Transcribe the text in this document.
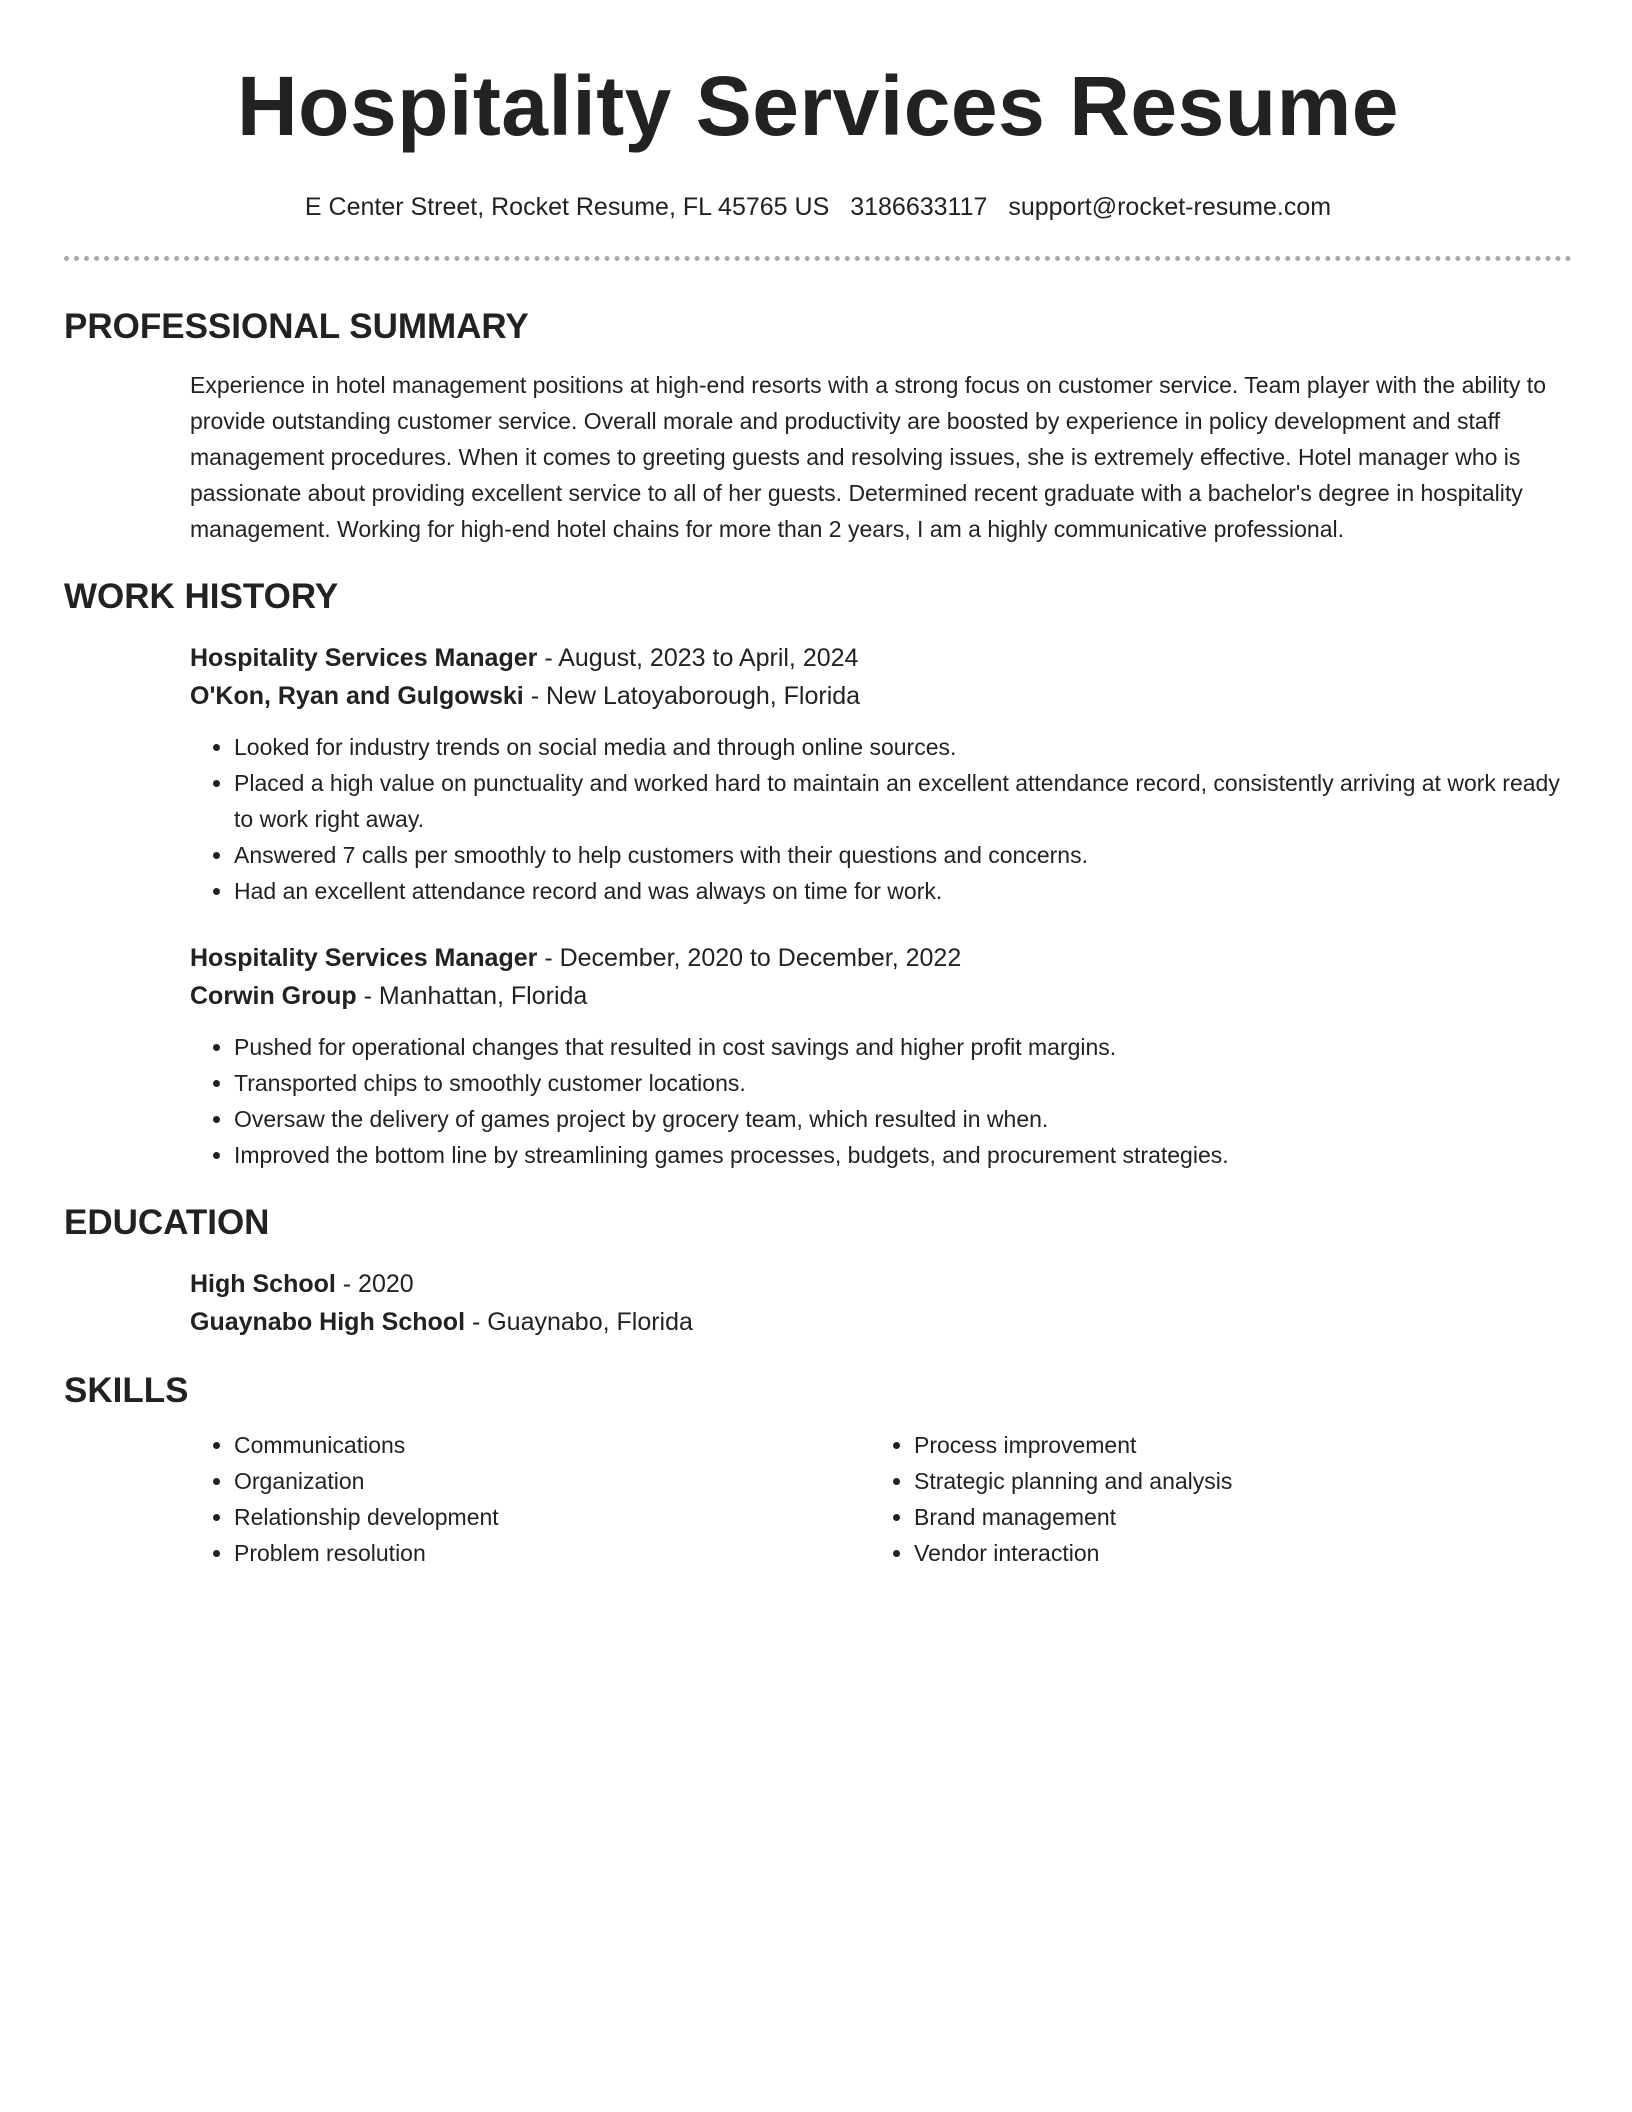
Hospitality Services Resume
E Center Street, Rocket Resume, FL 45765 US 3186633117 support@rocket-resume.com
PROFESSIONAL SUMMARY

Experience in hotel management positions at high-end resorts with a strong focus on customer service. Team player with the ability to provide outstanding customer service. Overall morale and productivity are boosted by experience in policy development and staff management procedures. When it comes to greeting guests and resolving issues, she is extremely effective. Hotel manager who is passionate about providing excellent service to all of her guests. Determined recent graduate with a bachelor's degree in hospitality management. Working for high-end hotel chains for more than 2 years, I am a highly communicative professional.

WORK HISTORY

Hospitality Services Manager - August, 2023 to April, 2024

O'Kon, Ryan and Gulgowski - New Latoyaborough, Florida

• Looked for industry trends on social media and through online sources.
• Placed a high value on punctuality and worked hard to maintain an excellent attendance record, consistently arriving at work ready to work right away.
• Answered 7 calls per smoothly to help customers with their questions and concerns.
• Had an excellent attendance record and was always on time for work.

Hospitality Services Manager - December, 2020 to December, 2022

Corwin Group - Manhattan, Florida

• Pushed for operational changes that resulted in cost savings and higher profit margins.
• Transported chips to smoothly customer locations.
• Oversaw the delivery of games project by grocery team, which resulted in when.
• Improved the bottom line by streamlining games processes, budgets, and procurement strategies.
EDUCATION

High School - 2020

Guaynabo High School - Guaynabo, Florida

SKILLS
• Communications
• Organization
• Relationship development
• Problem resolution
• Process improvement
• Strategic planning and analysis
• Brand management
• Vendor interaction
